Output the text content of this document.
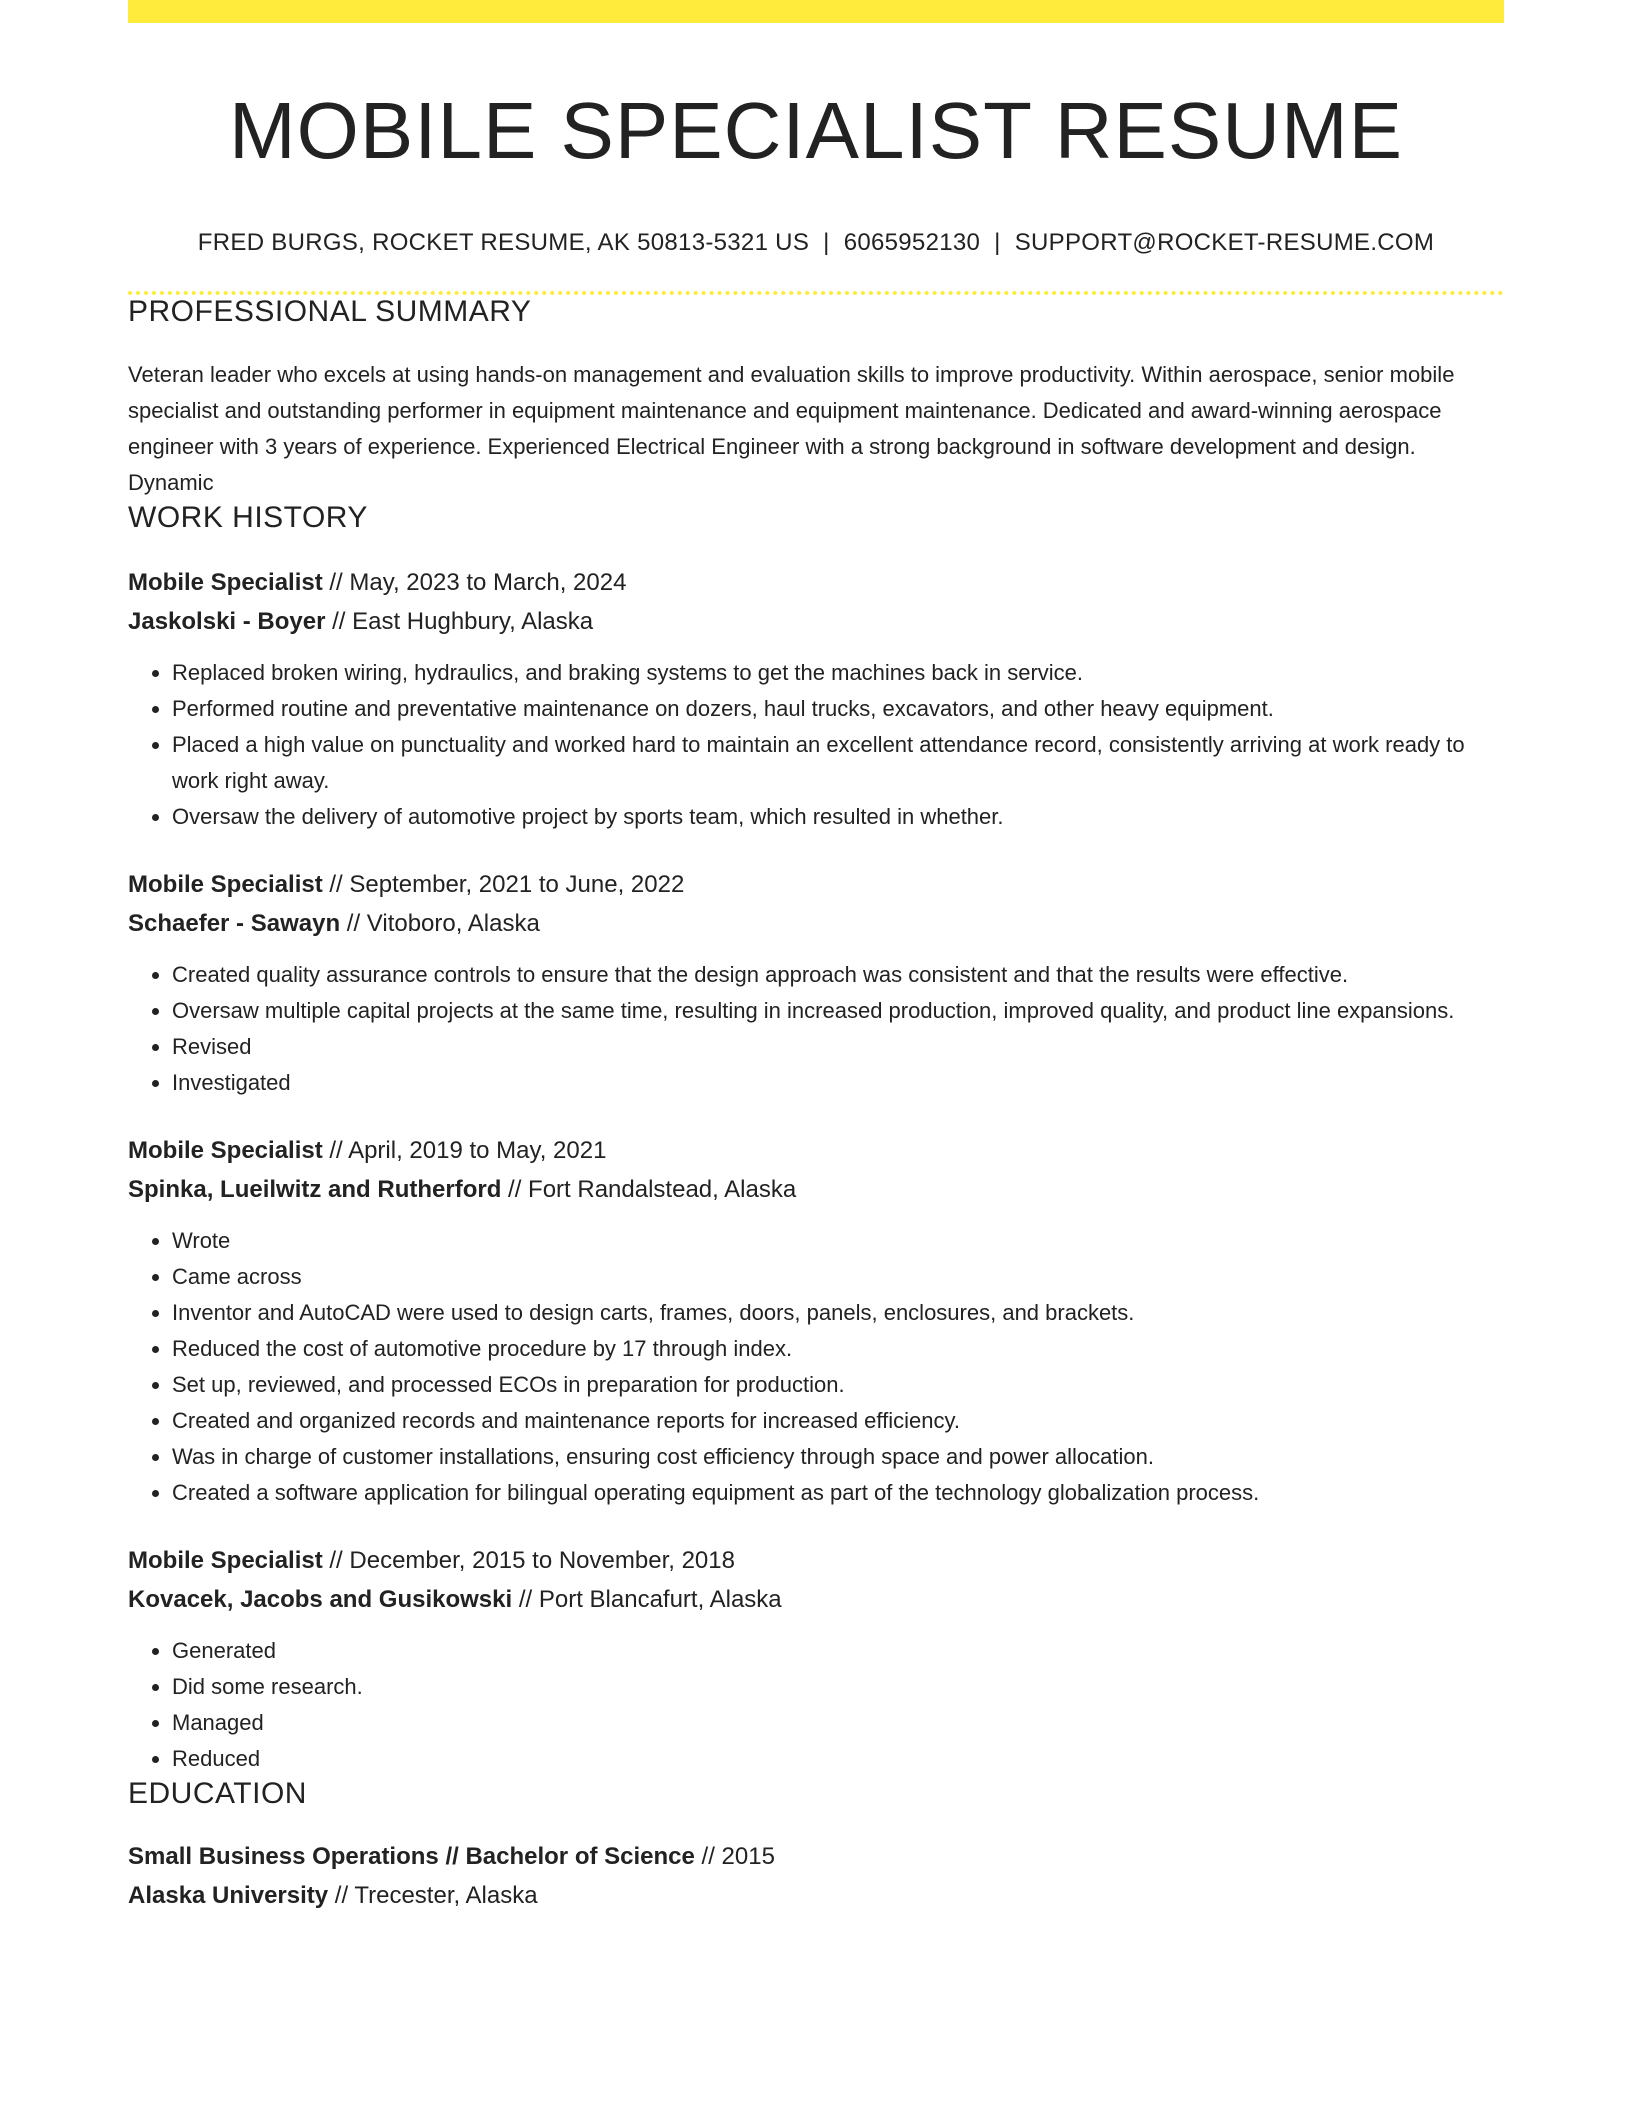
MOBILE SPECIALIST RESUME
FRED BURGS, ROCKET RESUME, AK 50813-5321 US | 6065952130 | SUPPORT@ROCKET-RESUME.COM
PROFESSIONAL SUMMARY
Veteran leader who excels at using hands-on management and evaluation skills to improve productivity. Within aerospace, senior mobile specialist and outstanding performer in equipment maintenance and equipment maintenance. Dedicated and award-winning aerospace engineer with 3 years of experience. Experienced Electrical Engineer with a strong background in software development and design. Dynamic
WORK HISTORY
Mobile Specialist // May, 2023 to March, 2024
Jaskolski - Boyer // East Hughbury, Alaska
• Replaced broken wiring, hydraulics, and braking systems to get the machines back in service.
• Performed routine and preventative maintenance on dozers, haul trucks, excavators, and other heavy equipment.
• Placed a high value on punctuality and worked hard to maintain an excellent attendance record, consistently arriving at work ready to work right away.
• Oversaw the delivery of automotive project by sports team, which resulted in whether.
Mobile Specialist // September, 2021 to June, 2022
Schaefer - Sawayn // Vitoboro, Alaska
• Created quality assurance controls to ensure that the design approach was consistent and that the results were effective.
• Oversaw multiple capital projects at the same time, resulting in increased production, improved quality, and product line expansions.
• Revised
• Investigated
Mobile Specialist // April, 2019 to May, 2021
Spinka, Lueilwitz and Rutherford // Fort Randalstead, Alaska
• Wrote
• Came across
• Inventor and AutoCAD were used to design carts, frames, doors, panels, enclosures, and brackets.
• Reduced the cost of automotive procedure by 17 through index.
• Set up, reviewed, and processed ECOs in preparation for production.
• Created and organized records and maintenance reports for increased efficiency.
• Was in charge of customer installations, ensuring cost efficiency through space and power allocation.
• Created a software application for bilingual operating equipment as part of the technology globalization process.
Mobile Specialist // December, 2015 to November, 2018
Kovacek, Jacobs and Gusikowski // Port Blancafurt, Alaska
• Generated
• Did some research.
• Managed
• Reduced
EDUCATION
Small Business Operations // Bachelor of Science // 2015
Alaska University // Trecester, Alaska
